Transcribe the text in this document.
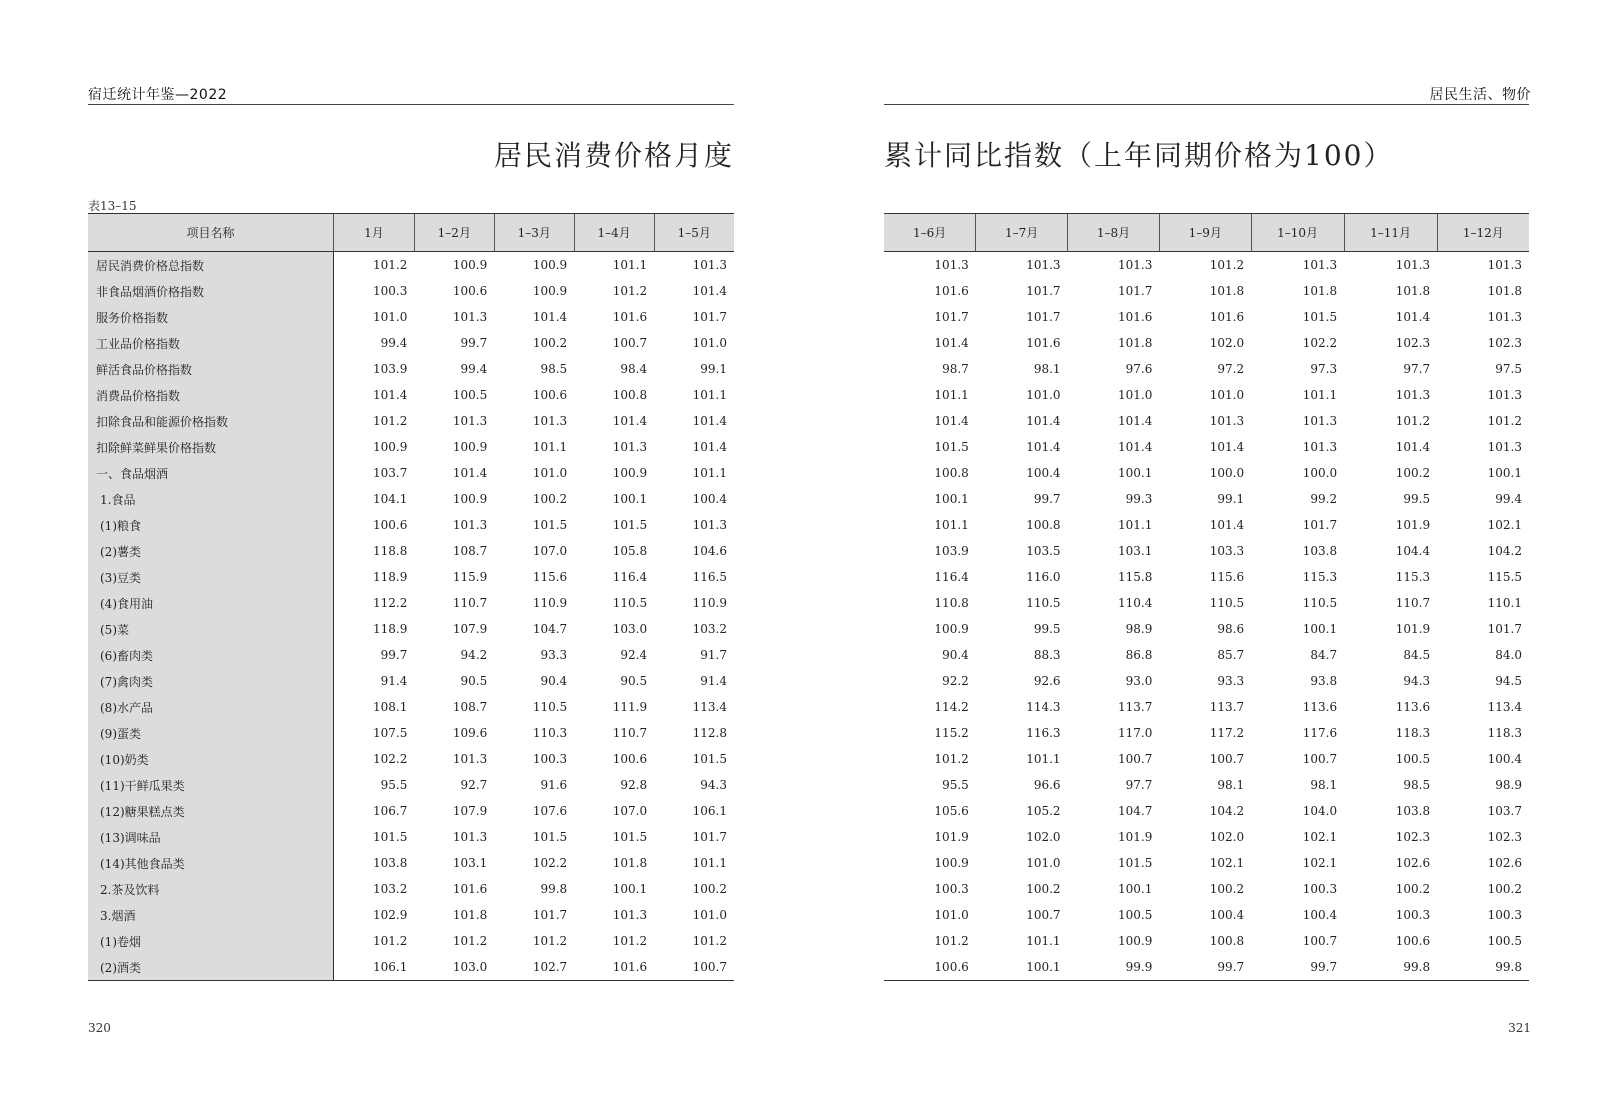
宿迁统计年鉴—2022
居民消费价格月度
表13–15
项目名称	1月	1–2月	1–3月	1–4月	1–5月
居民消费价格总指数	101.2	100.9	100.9	101.1	101.3
非食品烟酒价格指数	100.3	100.6	100.9	101.2	101.4
服务价格指数	101.0	101.3	101.4	101.6	101.7
工业品价格指数	99.4	99.7	100.2	100.7	101.0
鲜活食品价格指数	103.9	99.4	98.5	98.4	99.1
消费品价格指数	101.4	100.5	100.6	100.8	101.1
扣除食品和能源价格指数	101.2	101.3	101.3	101.4	101.4
扣除鲜菜鲜果价格指数	100.9	100.9	101.1	101.3	101.4
一、食品烟酒	103.7	101.4	101.0	100.9	101.1
1.食品	104.1	100.9	100.2	100.1	100.4
(1)粮食	100.6	101.3	101.5	101.5	101.3
(2)薯类	118.8	108.7	107.0	105.8	104.6
(3)豆类	118.9	115.9	115.6	116.4	116.5
(4)食用油	112.2	110.7	110.9	110.5	110.9
(5)菜	118.9	107.9	104.7	103.0	103.2
(6)畜肉类	99.7	94.2	93.3	92.4	91.7
(7)禽肉类	91.4	90.5	90.4	90.5	91.4
(8)水产品	108.1	108.7	110.5	111.9	113.4
(9)蛋类	107.5	109.6	110.3	110.7	112.8
(10)奶类	102.2	101.3	100.3	100.6	101.5
(11)干鲜瓜果类	95.5	92.7	91.6	92.8	94.3
(12)糖果糕点类	106.7	107.9	107.6	107.0	106.1
(13)调味品	101.5	101.3	101.5	101.5	101.7
(14)其他食品类	103.8	103.1	102.2	101.8	101.1
2.茶及饮料	103.2	101.6	99.8	100.1	100.2
3.烟酒	102.9	101.8	101.7	101.3	101.0
(1)卷烟	101.2	101.2	101.2	101.2	101.2
(2)酒类	106.1	103.0	102.7	101.6	100.7
320
居民生活、物价
累计同比指数（上年同期价格为100）
1–6月	1–7月	1–8月	1–9月	1–10月	1–11月	1–12月
101.3	101.3	101.3	101.2	101.3	101.3	101.3
101.6	101.7	101.7	101.8	101.8	101.8	101.8
101.7	101.7	101.6	101.6	101.5	101.4	101.3
101.4	101.6	101.8	102.0	102.2	102.3	102.3
98.7	98.1	97.6	97.2	97.3	97.7	97.5
101.1	101.0	101.0	101.0	101.1	101.3	101.3
101.4	101.4	101.4	101.3	101.3	101.2	101.2
101.5	101.4	101.4	101.4	101.3	101.4	101.3
100.8	100.4	100.1	100.0	100.0	100.2	100.1
100.1	99.7	99.3	99.1	99.2	99.5	99.4
101.1	100.8	101.1	101.4	101.7	101.9	102.1
103.9	103.5	103.1	103.3	103.8	104.4	104.2
116.4	116.0	115.8	115.6	115.3	115.3	115.5
110.8	110.5	110.4	110.5	110.5	110.7	110.1
100.9	99.5	98.9	98.6	100.1	101.9	101.7
90.4	88.3	86.8	85.7	84.7	84.5	84.0
92.2	92.6	93.0	93.3	93.8	94.3	94.5
114.2	114.3	113.7	113.7	113.6	113.6	113.4
115.2	116.3	117.0	117.2	117.6	118.3	118.3
101.2	101.1	100.7	100.7	100.7	100.5	100.4
95.5	96.6	97.7	98.1	98.1	98.5	98.9
105.6	105.2	104.7	104.2	104.0	103.8	103.7
101.9	102.0	101.9	102.0	102.1	102.3	102.3
100.9	101.0	101.5	102.1	102.1	102.6	102.6
100.3	100.2	100.1	100.2	100.3	100.2	100.2
101.0	100.7	100.5	100.4	100.4	100.3	100.3
101.2	101.1	100.9	100.8	100.7	100.6	100.5
100.6	100.1	99.9	99.7	99.7	99.8	99.8
321
